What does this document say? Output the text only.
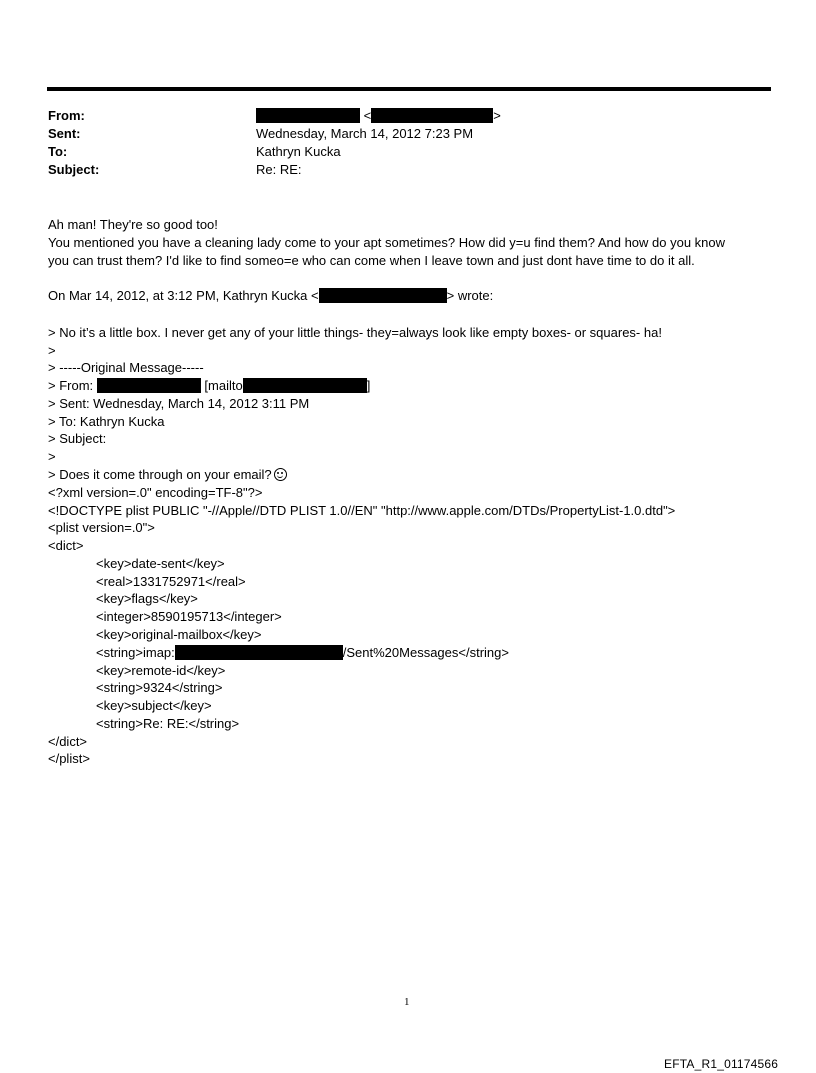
From:	<	>
Sent:	Wednesday, March 14, 2012 7:23 PM
To:	Kathryn Kucka
Subject:	Re: RE:
Ah man! They're so good too!
You mentioned you have a cleaning lady come to your apt sometimes? How did y=u find them? And how do you know
you can trust them? I'd like to find someo=e who can come when I leave town and just dont have time to do it all.
On Mar 14, 2012, at 3:12 PM, Kathryn Kucka <	> wrote:
> No it’s a little box. I never get any of your little things- they=always look like empty boxes- or squares- ha!
>
> -----Original Message-----
> From:	[mailto	]
> Sent: Wednesday, March 14, 2012 3:11 PM
> To: Kathryn Kucka
> Subject:
>
> Does it come through on your email?
<?xml version=.0" encoding=TF-8"?>
<!DOCTYPE plist PUBLIC "-//Apple//DTD PLIST 1.0//EN" "http://www.apple.com/DTDs/PropertyList-1.0.dtd">
<plist version=.0">
<dict>
<key>date-sent</key>
<real>1331752971</real>
<key>flags</key>
<integer>8590195713</integer>
<key>original-mailbox</key>
<string>imap:	/Sent%20Messages</string>
<key>remote-id</key>
<string>9324</string>
<key>subject</key>
<string>Re: RE:</string>
</dict>
</plist>
1
EFTA_R1_01174566
